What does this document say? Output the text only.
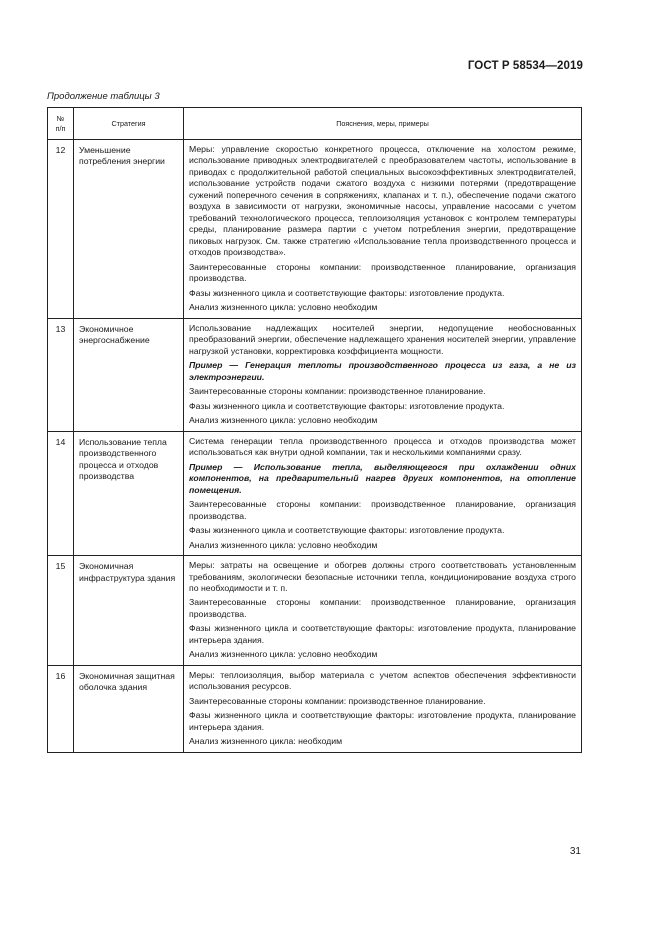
ГОСТ Р 58534—2019
Продолжение таблицы 3
№
п/п	Стратегия	Пояснения, меры, примеры
12	Уменьшение потребления энергии	Меры: управление скоростью конкретного процесса, отключение на холостом режиме, использование приводных электродвигателей с преобразователем частоты, использование в приводах с продолжительной работой специальных высокоэффективных электродвигателей, использование устройств подачи сжатого воздуха с низкими потерями (предотвращение сужений поперечного сечения в сопряжениях, клапанах и т. п.), обеспечение подачи сжатого воздуха в зависимости от нагрузки, экономичные насосы, управление насосами с учетом требований технологического процесса, теплоизоляция установок с контролем температуры среды, планирование размера партии с учетом потребления энергии, предотвращение пиковых нагрузок. См. также стратегию «Использование тепла производственного процесса и отходов производства».

Заинтересованные стороны компании: производственное планирование, организация производства.

Фазы жизненного цикла и соответствующие факторы: изготовление продукта.

Анализ жизненного цикла: условно необходим

13	Экономичное энергоснабжение	Использование надлежащих носителей энергии, недопущение необоснованных преобразований энергии, обеспечение надлежащего хранения носителей энергии, управление нагрузкой установки, корректировка коэффициента мощности.

Пример — Генерация теплоты производственного процесса из газа, а не из электроэнергии.

Заинтересованные стороны компании: производственное планирование.

Фазы жизненного цикла и соответствующие факторы: изготовление продукта.

Анализ жизненного цикла: условно необходим

14	Использование тепла производственного процесса и отходов производства	Система генерации тепла производственного процесса и отходов производства может использоваться как внутри одной компании, так и несколькими компаниями сразу.

Пример — Использование тепла, выделяющегося при охлаждении одних компонентов, на предварительный нагрев других компонентов, на отопление помещения.

Заинтересованные стороны компании: производственное планирование, организация производства.

Фазы жизненного цикла и соответствующие факторы: изготовление продукта.

Анализ жизненного цикла: условно необходим

15	Экономичная инфраструктура здания	Меры: затраты на освещение и обогрев должны строго соответствовать установленным требованиям, экологически безопасные источники тепла, кондиционирование воздуха строго по необходимости и т. п.

Заинтересованные стороны компании: производственное планирование, организация производства.

Фазы жизненного цикла и соответствующие факторы: изготовление продукта, планирование интерьера здания.

Анализ жизненного цикла: условно необходим

16	Экономичная защитная оболочка здания	Меры: теплоизоляция, выбор материала с учетом аспектов обеспечения эффективности использования ресурсов.

Заинтересованные стороны компании: производственное планирование.

Фазы жизненного цикла и соответствующие факторы: изготовление продукта, планирование интерьера здания.

Анализ жизненного цикла: необходим

31
